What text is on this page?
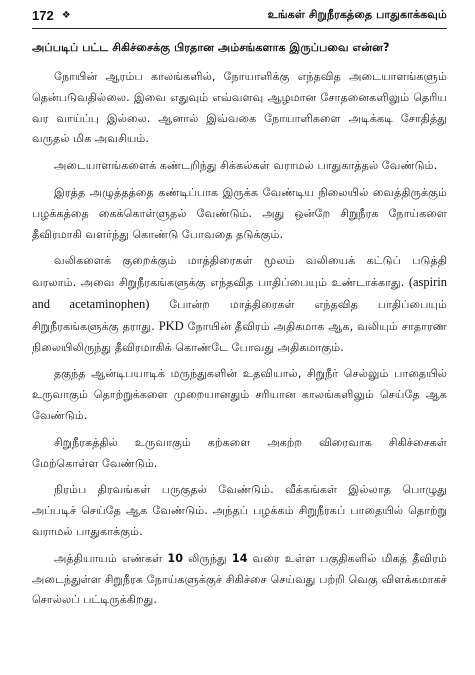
172 ❖	உங்கள் சிறுநீரகத்தை பாதுகாக்கவும்
அப்படிப் பட்ட சிகிச்சைக்கு பிரதான அம்சங்களாக இருப்பவை என்ன?

நோயின் ஆரம்ப காலங்களில், நோயாளிக்கு எந்தவித அடையாளங்களும் தென்படுவதில்லை. இவை எதுவும் எவ்வளவு ஆழமான சோதனைகளிலும் தெரிய வர வாய்ப்பு இல்லை. ஆனால் இவ்வகை நோயாளிகளை அடிக்கடி சோதித்து வருதல் மிக அவசியம்.

அடையாளங்களைக் கண்டறிந்து சிக்கல்கள் வராமல் பாதுகாத்தல் வேண்டும்.

இரத்த அழுத்தத்தை கண்டிப்பாக இருக்க வேண்டிய நிலையில் வைத்திருக்கும் பழக்கத்தை கைக்கொள்ளுதல் வேண்டும். அது ஒன்றே சிறுநீரக நோய்களை தீவிரமாகி வளர்ந்து கொண்டு போவதை தடுக்கும்.

வலிகளைக் குறைக்கும் மாத்திரைகள் மூலம் வலியைக் கட்டுப் படுத்தி வரலாம். அவை சிறுநீரகங்களுக்கு எந்தவித பாதிப்பையும் உண்டாக்காது. (aspirin and acetaminophen) போன்ற மாத்திரைகள் எந்தவித பாதிப்பையும் சிறுநீரகங்களுக்கு தராது. PKD நோயின் தீவிரம் அதிகமாக ஆக, வலியும் சாதாரண நிலையிலிருந்து தீவிரமாகிக் கொண்டே போவது அதிகமாகும்.

தகுந்த ஆன்டிபயாடிக் மருந்துகளின் உதவியால், சிறுநீர் செல்லும் பாதையில் உருவாகும் தொற்றுக்களை முறையானதும் சரியான காலங்களிலும் செய்தே ஆக வேண்டும்.

சிறுநீரகத்தில் உருவாகும் கற்களை அகற்ற விரைவாக சிகிச்சைகள் மேற்கொள்ள வேண்டும்.

நிரம்ப திரவங்கள் பருகுதல் வேண்டும். வீக்கங்கள் இல்லாத பொழுது அப்படிச் செய்தே ஆக வேண்டும். அந்தப் பழக்கம் சிறுநீரகப் பாதையில் தொற்று வராமல் பாதுகாக்கும்.

அத்தியாயம் எண்கள் 10 லிருந்து 14 வரை உள்ள பகுதிகளில் மிகத் தீவிரம் அடைந்துள்ள சிறுநீரக நோய்களுக்குச் சிகிச்சை செய்வது பற்றி வெகு விளக்கமாகச் சொல்லப் பட்டிருக்கிறது.
